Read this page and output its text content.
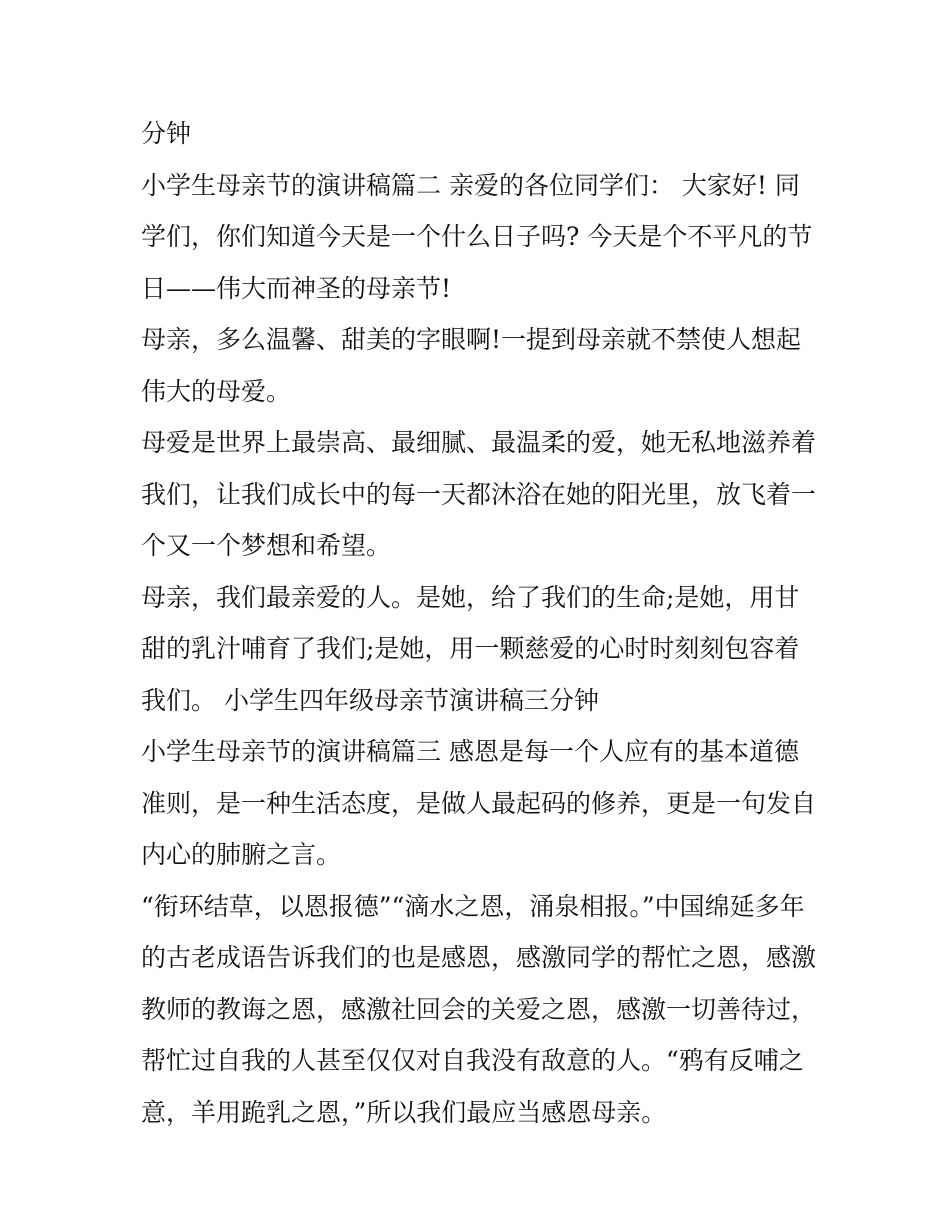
分钟

小学生母亲节的演讲稿篇二 亲爱的各位同学们： 大家好! 同学们，你们知道今天是一个什么日子吗? 今天是个不平凡的节日——伟大而神圣的母亲节!

母亲，多么温馨、甜美的字眼啊!一提到母亲就不禁使人想起伟大的母爱。

母爱是世界上最崇高、最细腻、最温柔的爱，她无私地滋养着我们，让我们成长中的每一天都沐浴在她的阳光里，放飞着一个又一个梦想和希望。

母亲，我们最亲爱的人。是她，给了我们的生命;是她，用甘甜的乳汁哺育了我们;是她，用一颗慈爱的心时时刻刻包容着我们。 小学生四年级母亲节演讲稿三分钟

小学生母亲节的演讲稿篇三 感恩是每一个人应有的基本道德准则，是一种生活态度，是做人最起码的修养，更是一句发自内心的肺腑之言。

“衔环结草，以恩报德”“滴水之恩，涌泉相报。”中国绵延多年的古老成语告诉我们的也是感恩，感激同学的帮忙之恩，感激教师的教诲之恩，感激社回会的关爱之恩，感激一切善待过，帮忙过自我的人甚至仅仅对自我没有敌意的人。“鸦有反哺之意，羊用跪乳之恩，”所以我们最应当感恩母亲。
